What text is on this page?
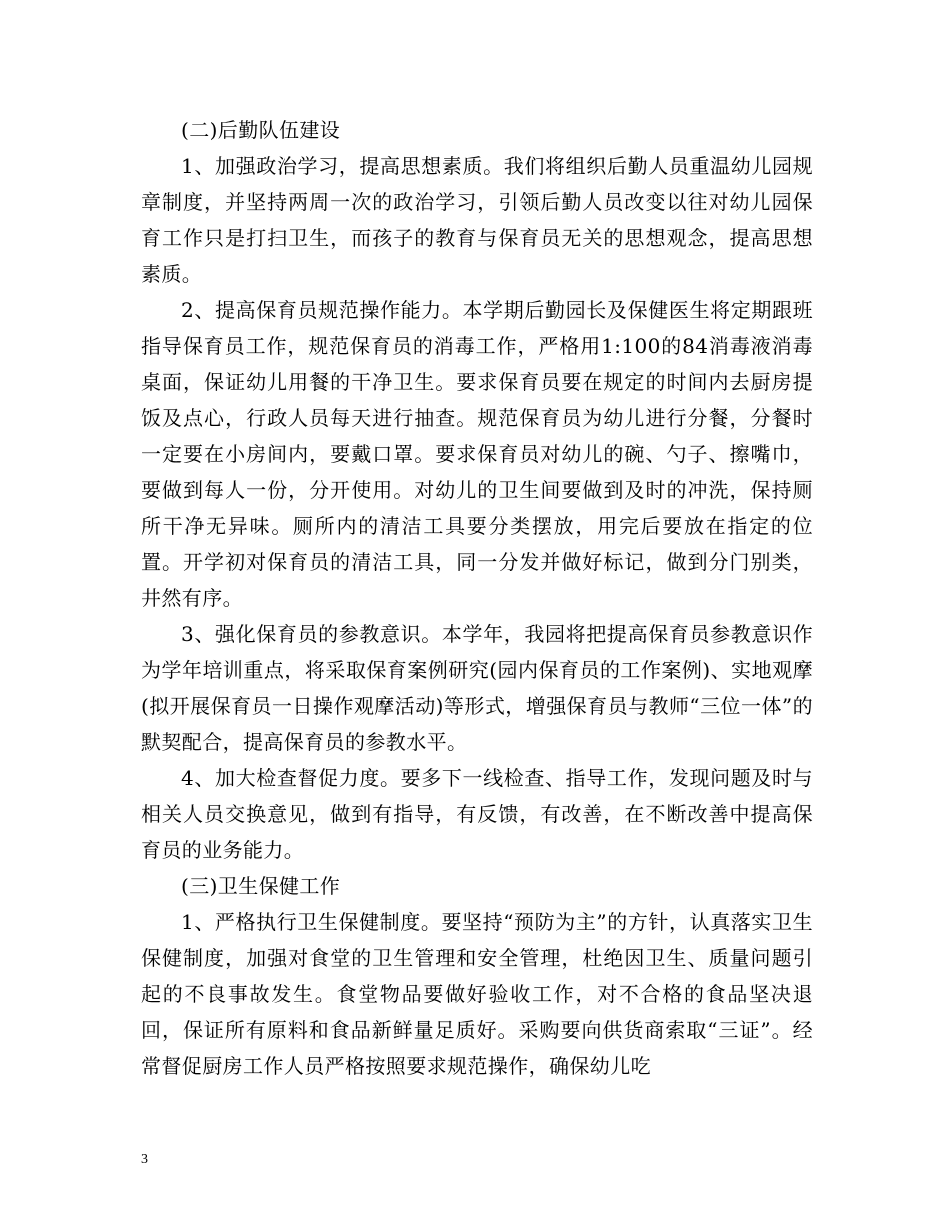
(二)后勤队伍建设

1、加强政治学习，提高思想素质。我们将组织后勤人员重温幼儿园规章制度，并坚持两周一次的政治学习，引领后勤人员改变以往对幼儿园保育工作只是打扫卫生，而孩子的教育与保育员无关的思想观念，提高思想素质。

2、提高保育员规范操作能力。本学期后勤园长及保健医生将定期跟班指导保育员工作，规范保育员的消毒工作，严格用1:100的84消毒液消毒桌面，保证幼儿用餐的干净卫生。要求保育员要在规定的时间内去厨房提饭及点心，行政人员每天进行抽查。规范保育员为幼儿进行分餐，分餐时一定要在小房间内，要戴口罩。要求保育员对幼儿的碗、勺子、擦嘴巾，要做到每人一份，分开使用。对幼儿的卫生间要做到及时的冲洗，保持厕所干净无异味。厕所内的清洁工具要分类摆放，用完后要放在指定的位置。开学初对保育员的清洁工具，同一分发并做好标记，做到分门别类，井然有序。

3、强化保育员的参教意识。本学年，我园将把提高保育员参教意识作为学年培训重点，将采取保育案例研究(园内保育员的工作案例)、实地观摩(拟开展保育员一日操作观摩活动)等形式，增强保育员与教师“三位一体”的默契配合，提高保育员的参教水平。

4、加大检查督促力度。要多下一线检查、指导工作，发现问题及时与相关人员交换意见，做到有指导，有反馈，有改善，在不断改善中提高保育员的业务能力。

(三)卫生保健工作

1、严格执行卫生保健制度。要坚持“预防为主”的方针，认真落实卫生保健制度，加强对食堂的卫生管理和安全管理，杜绝因卫生、质量问题引起的不良事故发生。食堂物品要做好验收工作，对不合格的食品坚决退回，保证所有原料和食品新鲜量足质好。采购要向供货商索取“三证”。经常督促厨房工作人员严格按照要求规范操作，确保幼儿吃

3
